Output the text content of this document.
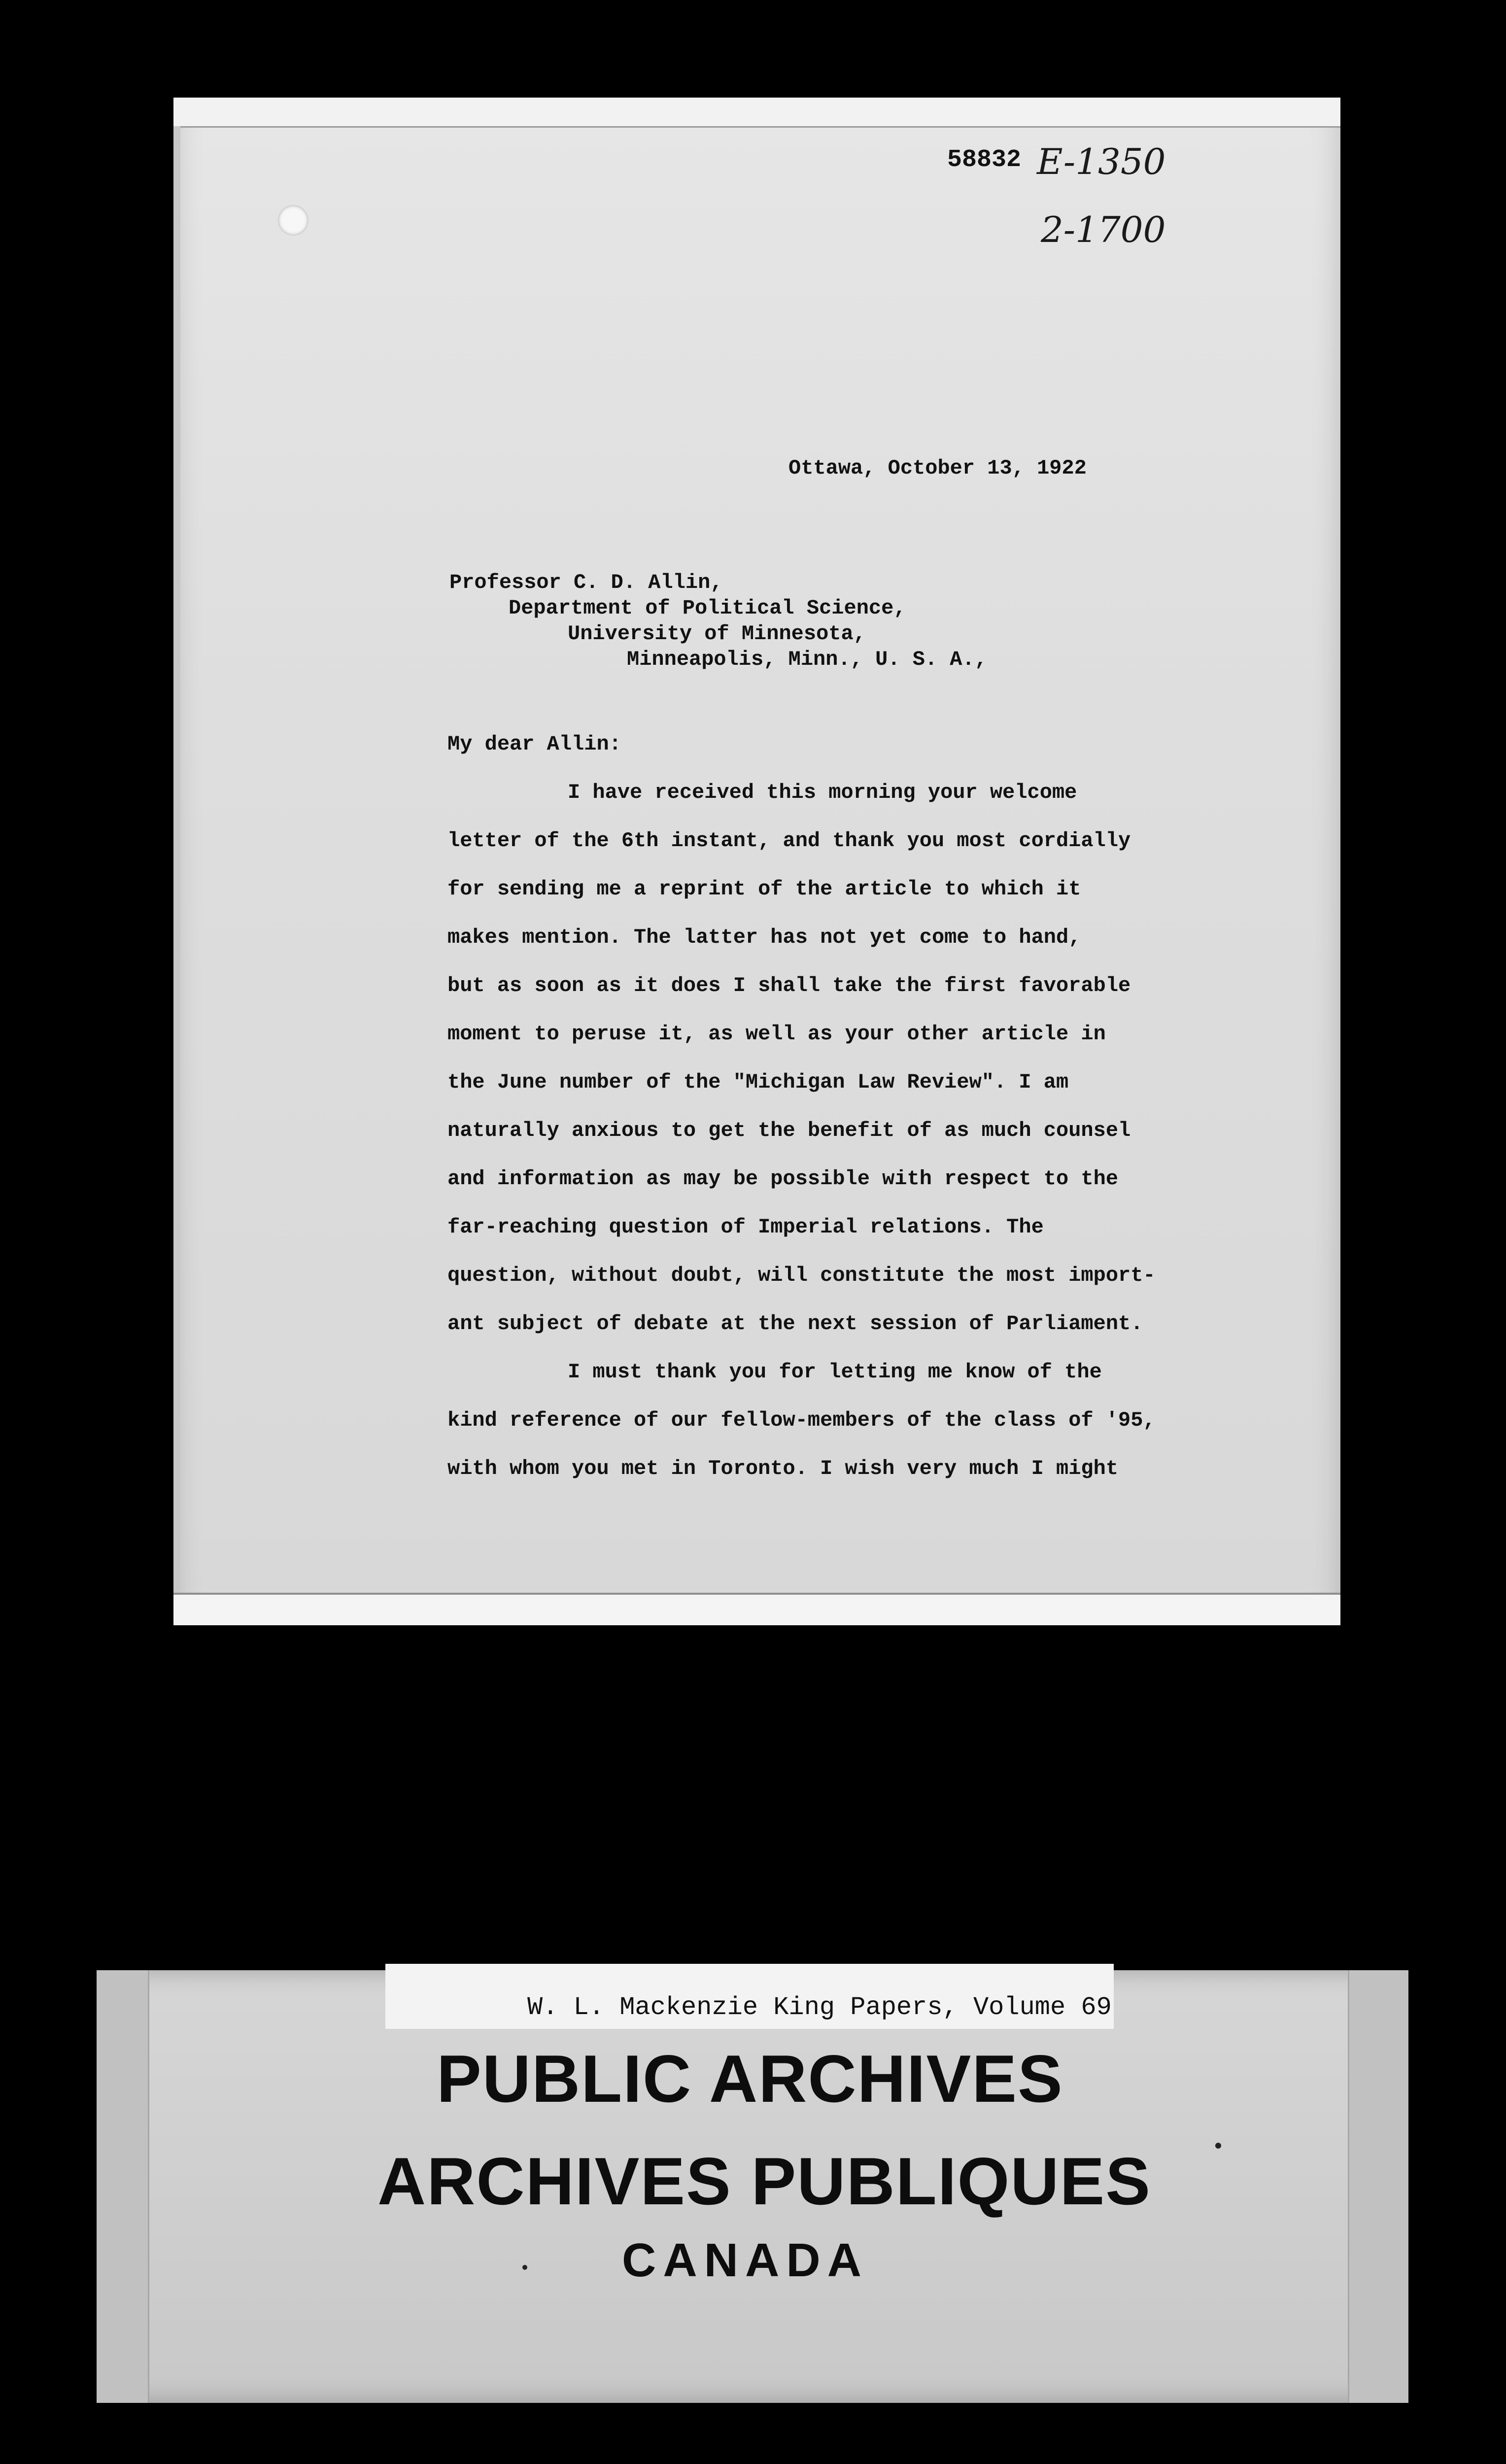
58832 E-1350
2-1700
Ottawa, October 13, 1922
Professor C. D. Allin,
Department of Political Science,
University of Minnesota,
Minneapolis, Minn., U. S. A.,
My dear Allin:
I have received this morning your welcome
letter of the 6th instant, and thank you most cordially
for sending me a reprint of the article to which it
makes mention. The latter has not yet come to hand,
but as soon as it does I shall take the first favorable
moment to peruse it, as well as your other article in
the June number of the "Michigan Law Review". I am
naturally anxious to get the benefit of as much counsel
and information as may be possible with respect to the
far-reaching question of Imperial relations. The
question, without doubt, will constitute the most import-
ant subject of debate at the next session of Parliament.
I must thank you for letting me know of the
kind reference of our fellow-members of the class of '95,
with whom you met in Toronto. I wish very much I might
W. L. Mackenzie King Papers, Volume 69
PUBLIC ARCHIVES
ARCHIVES PUBLIQUES
CANADA
